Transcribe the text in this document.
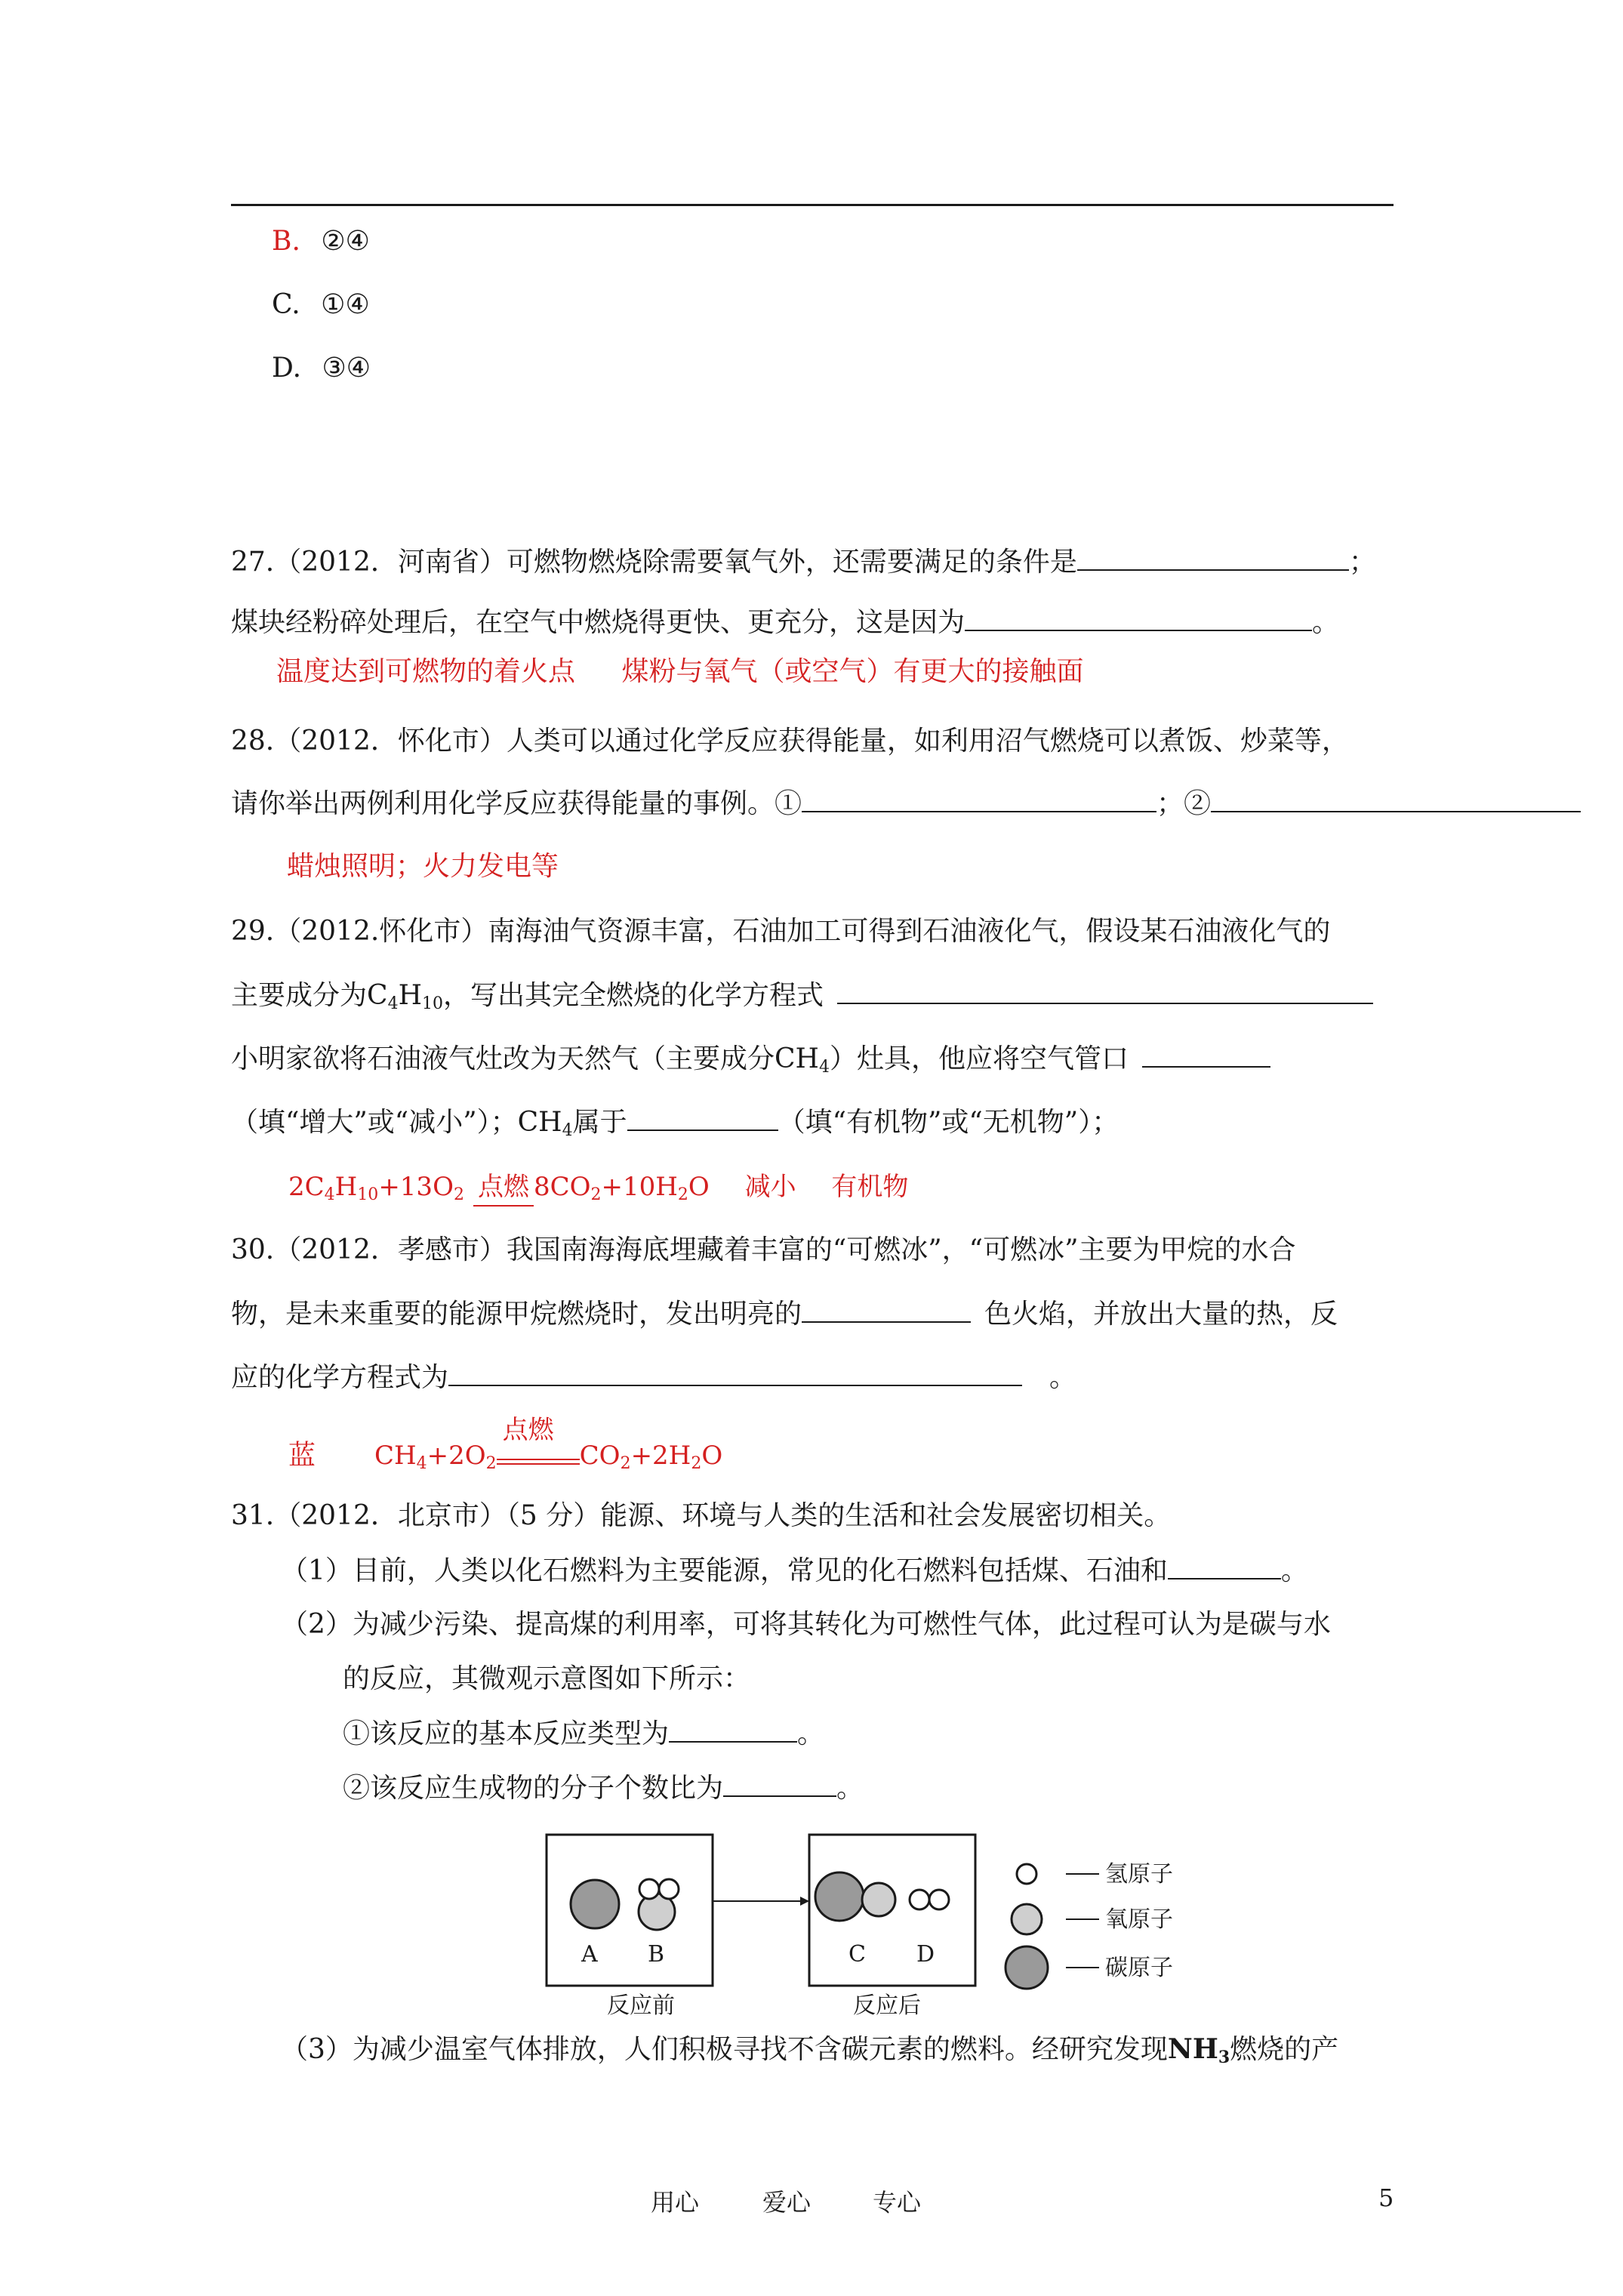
B. ②④
C. ①④
D. ③④
27.（2012．河南省）可燃物燃烧除需要氧气外，还需要满足的条件是	；
煤块经粉碎处理后，在空气中燃烧得更快、更充分，这是因为	。
温度达到可燃物的着火点 煤粉与氧气（或空气）有更大的接触面
28.（2012．怀化市）人类可以通过化学反应获得能量，如利用沼气燃烧可以煮饭、炒菜等，
请你举出两例利用化学反应获得能量的事例。①	；②
蜡烛照明；火力发电等
29.（2012.怀化市）南海油气资源丰富，石油加工可得到石油液化气，假设某石油液化气的
主要成分为$C_4H_{10}$，写出其完全燃烧的化学方程式
小明家欲将石油液气灶改为天然气（主要成分$CH_4$）灶具，他应将空气管口
（填“增大”或“减小”）；$CH_4$属于	（填“有机物”或“无机物”）；
$2C_4H_{10}+13O_2$ 点燃 $8CO_2+10H_2O$ 减小 有机物
30.（2012．孝感市）我国南海海底埋藏着丰富的“可燃冰”，“可燃冰”主要为甲烷的水合
物，是未来重要的能源甲烷燃烧时，发出明亮的	色火焰，并放出大量的热，反
应的化学方程式为	。
蓝 $CH_4+2O_2$
点燃
$CO_2+2H_2O$
31.（2012．北京市）（5 分）能源、环境与人类的生活和社会发展密切相关。
（1）目前，人类以化石燃料为主要能源，常见的化石燃料包括煤、石油和	。
（2）为减少污染、提高煤的利用率，可将其转化为可燃性气体，此过程可认为是碳与水
的反应，其微观示意图如下所示：
①该反应的基本反应类型为	。
②该反应生成物的分子个数比为	。
A B
反应前
C D
反应后
氢原子
氧原子
碳原子
（3）为减少温室气体排放，人们积极寻找不含碳元素的燃料。经研究发现$NH_3$燃烧的产
用心	爱心	专心	5
